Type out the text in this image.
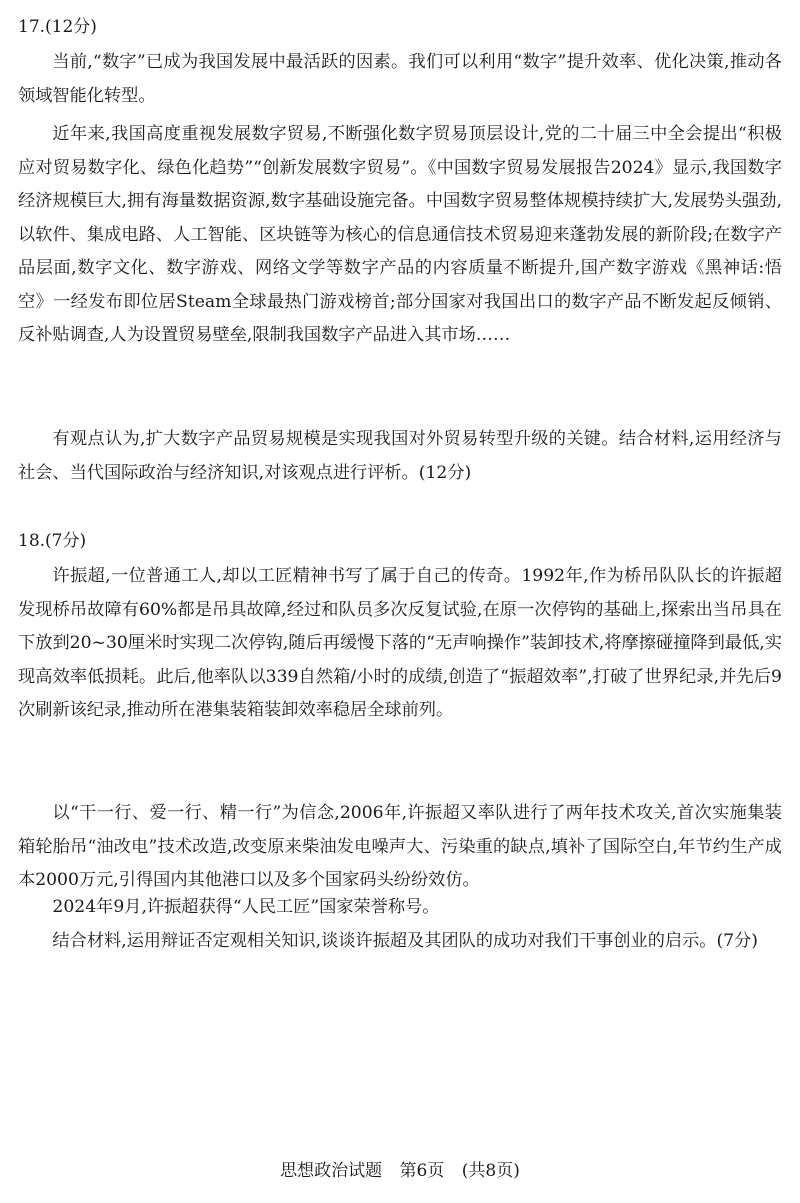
17.(12分)

当前,“数字”已成为我国发展中最活跃的因素。我们可以利用“数字”提升效率、优化决策,推动各领域智能化转型。

近年来,我国高度重视发展数字贸易,不断强化数字贸易顶层设计,党的二十届三中全会提出“积极应对贸易数字化、绿色化趋势”“创新发展数字贸易”。《中国数字贸易发展报告2024》显示,我国数字经济规模巨大,拥有海量数据资源,数字基础设施完备。中国数字贸易整体规模持续扩大,发展势头强劲,以软件、集成电路、人工智能、区块链等为核心的信息通信技术贸易迎来蓬勃发展的新阶段;在数字产品层面,数字文化、数字游戏、网络文学等数字产品的内容质量不断提升,国产数字游戏《黑神话:悟空》一经发布即位居Steam全球最热门游戏榜首;部分国家对我国出口的数字产品不断发起反倾销、反补贴调查,人为设置贸易壁垒,限制我国数字产品进入其市场……

有观点认为,扩大数字产品贸易规模是实现我国对外贸易转型升级的关键。结合材料,运用经济与社会、当代国际政治与经济知识,对该观点进行评析。(12分)

18.(7分)

许振超,一位普通工人,却以工匠精神书写了属于自己的传奇。1992年,作为桥吊队队长的许振超发现桥吊故障有60%都是吊具故障,经过和队员多次反复试验,在原一次停钩的基础上,探索出当吊具在下放到20~30厘米时实现二次停钩,随后再缓慢下落的“无声响操作”装卸技术,将摩擦碰撞降到最低,实现高效率低损耗。此后,他率队以339自然箱/小时的成绩,创造了“振超效率”,打破了世界纪录,并先后9次刷新该纪录,推动所在港集装箱装卸效率稳居全球前列。

以“干一行、爱一行、精一行”为信念,2006年,许振超又率队进行了两年技术攻关,首次实施集装箱轮胎吊“油改电”技术改造,改变原来柴油发电噪声大、污染重的缺点,填补了国际空白,年节约生产成本2000万元,引得国内其他港口以及多个国家码头纷纷效仿。

2024年9月,许振超获得“人民工匠”国家荣誉称号。

结合材料,运用辩证否定观相关知识,谈谈许振超及其团队的成功对我们干事创业的启示。(7分)

思想政治试题 第6页 (共8页)
